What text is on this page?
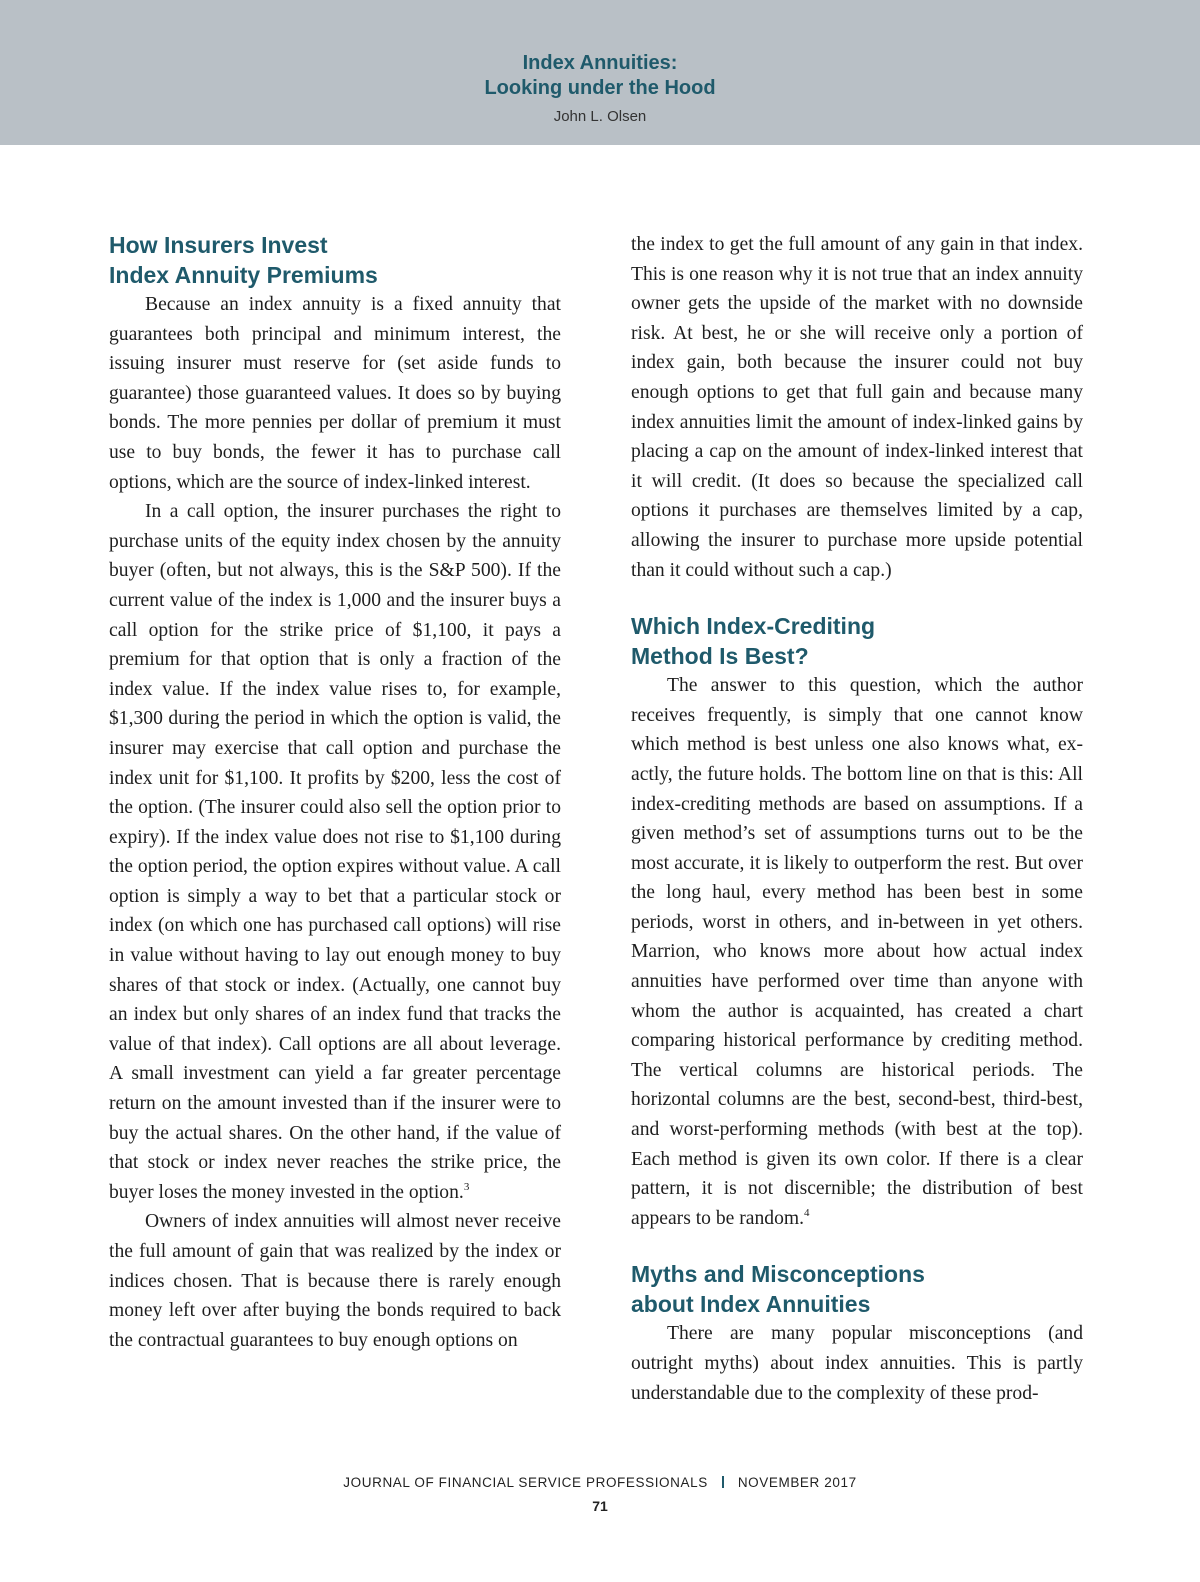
Index Annuities:
Looking under the Hood
John L. Olsen
How Insurers Invest
Index Annuity Premiums

Because an index annuity is a fixed annuity that guarantees both principal and minimum interest, the issuing insurer must reserve for (set aside funds to guarantee) those guaranteed values. It does so by buying bonds. The more pennies per dollar of premium it must use to buy bonds, the fewer it has to purchase call options, which are the source of index-linked interest.

In a call option, the insurer purchases the right to purchase units of the equity index chosen by the annuity buyer (often, but not always, this is the S&P 500). If the current value of the index is 1,000 and the insurer buys a call option for the strike price of $1,100, it pays a premium for that option that is only a fraction of the index value. If the index value rises to, for example, $1,300 during the period in which the option is valid, the insurer may exercise that call option and purchase the index unit for $1,100. It profits by $200, less the cost of the option. (The insurer could also sell the option prior to expiry). If the index value does not rise to $1,100 during the option period, the option expires without value. A call option is simply a way to bet that a particular stock or index (on which one has purchased call options) will rise in value without having to lay out enough money to buy shares of that stock or index. (Actually, one cannot buy an index but only shares of an index fund that tracks the value of that index). Call options are all about leverage. A small investment can yield a far greater percentage return on the amount invested than if the insurer were to buy the actual shares. On the other hand, if the value of that stock or index never reaches the strike price, the buyer loses the money invested in the option.$^3$

Owners of index annuities will almost never receive the full amount of gain that was realized by the index or indices chosen. That is because there is rarely enough money left over after buying the bonds required to back the contractual guarantees to buy enough options on

the index to get the full amount of any gain in that index. This is one reason why it is not true that an index annuity owner gets the upside of the market with no downside risk. At best, he or she will receive only a portion of index gain, both because the insurer could not buy enough options to get that full gain and because many index annuities limit the amount of index-linked gains by placing a cap on the amount of index-linked interest that it will credit. (It does so because the specialized call options it purchases are themselves limited by a cap, allowing the insurer to purchase more upside potential than it could without such a cap.)

Which Index-Crediting
Method Is Best?

The answer to this question, which the author receives frequently, is simply that one cannot know which method is best unless one also knows what, exactly, the future holds. The bottom line on that is this: All index-crediting methods are based on assumptions. If a given method’s set of assumptions turns out to be the most accurate, it is likely to outperform the rest. But over the long haul, every method has been best in some periods, worst in others, and in-between in yet others. Marrion, who knows more about how actual index annuities have performed over time than anyone with whom the author is acquainted, has created a chart comparing historical performance by crediting method. The vertical columns are historical periods. The horizontal columns are the best, second-best, third-best, and worst-performing methods (with best at the top). Each method is given its own color. If there is a clear pattern, it is not discernible; the distribution of best appears to be random.$^4$

Myths and Misconceptions
about Index Annuities

There are many popular misconceptions (and outright myths) about index annuities. This is partly understandable due to the complexity of these prod-

JOURNAL OF FINANCIAL SERVICE PROFESSIONALS NOVEMBER 2017
71
